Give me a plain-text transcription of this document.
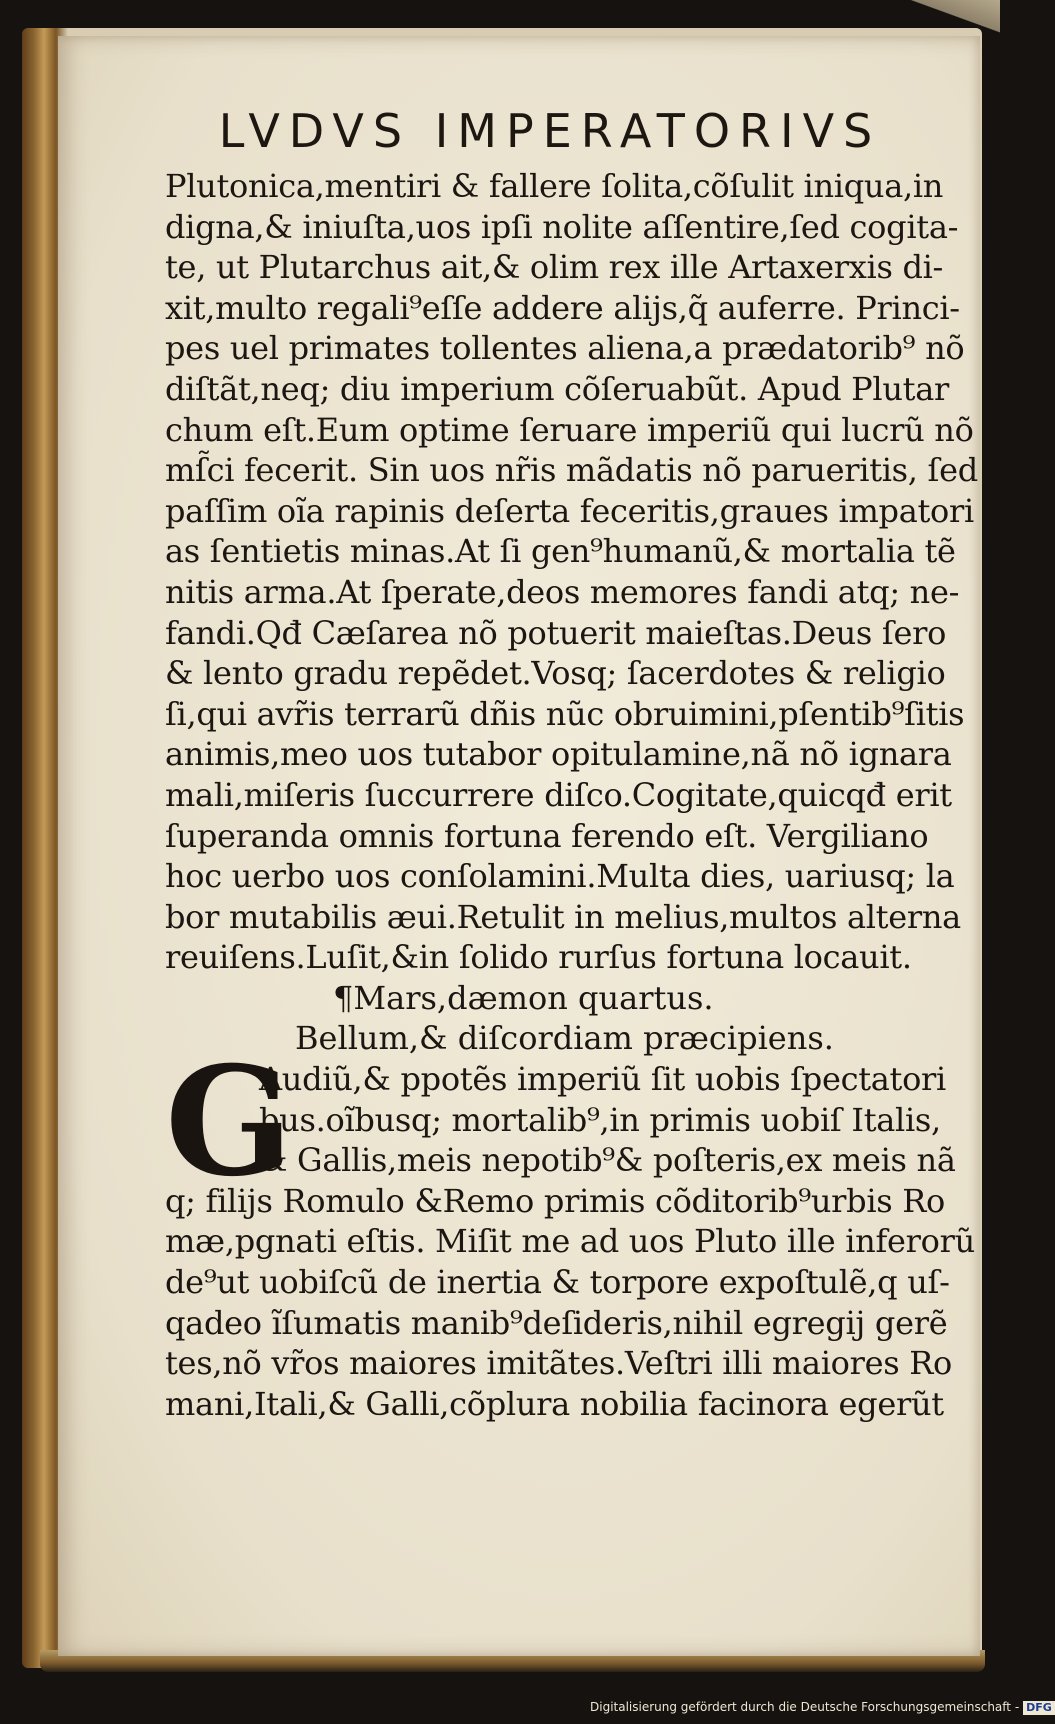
LVDVS IMPERATORIVS
Plutonica,mentiri & fallere ſolita,cõſulit iniqua,in
digna,& iniuſta,uos ipſi nolite aſſentire,ſed cogita-
te, ut Plutarchus ait,& olim rex ille Artaxerxis di-
xit,multo regali⁹eſſe addere alijs,q̃ auferre. Princi-
pes uel primates tollentes aliena,a prædatorib⁹ nõ
diſtãt,neq; diu imperium cõſeruabũt. Apud Plutar
chum eſt.Eum optime ſeruare imperiũ qui lucrũ nõ
mſ̃ci fecerit. Sin uos nr̃is mãdatis nõ parueritis, ſed
paſſim oĩa rapinis deſerta feceritis,graues impatori
as ſentietis minas.At ſi gen⁹humanũ,& mortalia tẽ
nitis arma.At ſperate,deos memores fandi atq; ne-
fandi.Qđ Cæſarea nõ potuerit maieſtas.Deus ſero
& lento gradu repẽdet.Vosq; ſacerdotes & religio
ſi,qui avr̃is terrarũ dñis nũc obruimini,pſentib⁹ſitis
animis,meo uos tutabor opitulamine,nã nõ ignara
mali,miſeris ſuccurrere diſco.Cogitate,quicqđ erit
ſuperanda omnis fortuna ferendo eſt. Vergiliano
hoc uerbo uos conſolamini.Multa dies, uariusq; la
bor mutabilis æui.Retulit in melius,multos alterna
reuiſens.Luſit,&in ſolido rurſus fortuna locauit.
¶Mars,dæmon quartus.
Bellum,& diſcordiam præcipiens.
G
Audiũ,& ppotẽs imperiũ ſit uobis ſpectatori
bus.oĩbusq; mortalib⁹,in primis uobiſ Italis,
& Gallis,meis nepotib⁹& poſteris,ex meis nã
q; filijs Romulo &Remo primis cõditorib⁹urbis Ro
mæ,pgnati eſtis. Miſit me ad uos Pluto ille inferorũ
de⁹ut uobiſcũ de inertia & torpore expoſtulẽ,q uſ-
qadeo ĩſumatis manib⁹deſideris,nihil egregij gerẽ
tes,nõ vr̃os maiores imitãtes.Veſtri illi maiores Ro
mani,Itali,& Galli,cõplura nobilia facinora egerũt
Digitalisierung gefördert durch die Deutsche Forschungsgemeinschaft - DFG
